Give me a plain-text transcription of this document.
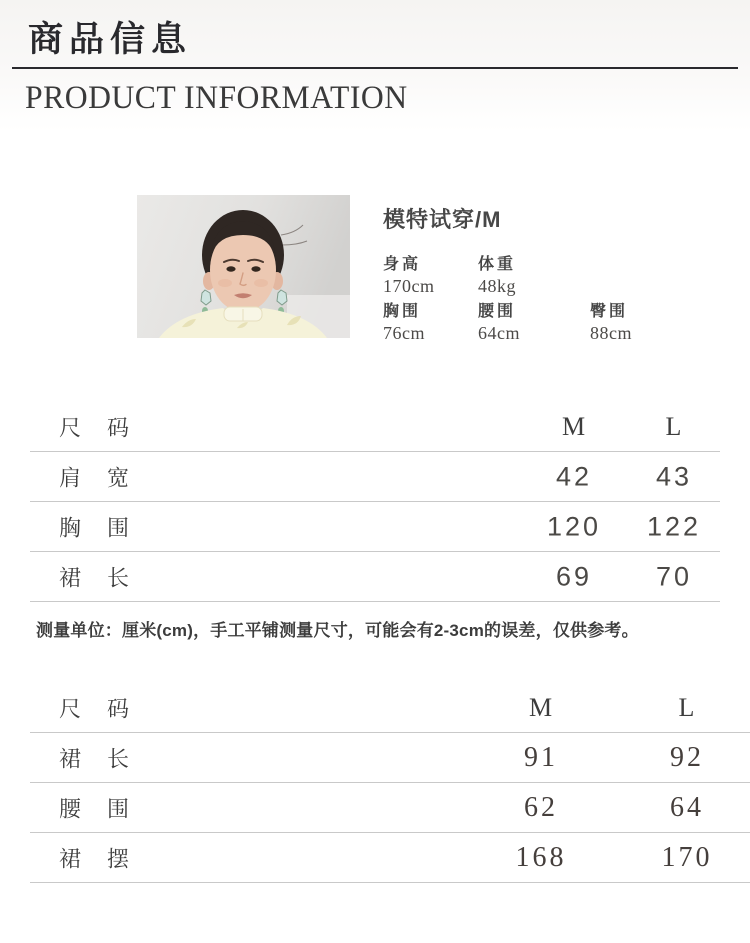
商品信息
PRODUCT INFORMATION
模特试穿/M
身高
170cm
体重
48kg
胸围
76cm
腰围
64cm
臀围
88cm
尺码	M	L
肩宽	42 43
胸围	120 122
裙长	69 70

测量单位：厘米(cm)，手工平铺测量尺寸，可能会有2-3cm的误差，仅供参考。

尺码	M	L
裙长	91	92
腰围	62	64
裙摆	168	170
